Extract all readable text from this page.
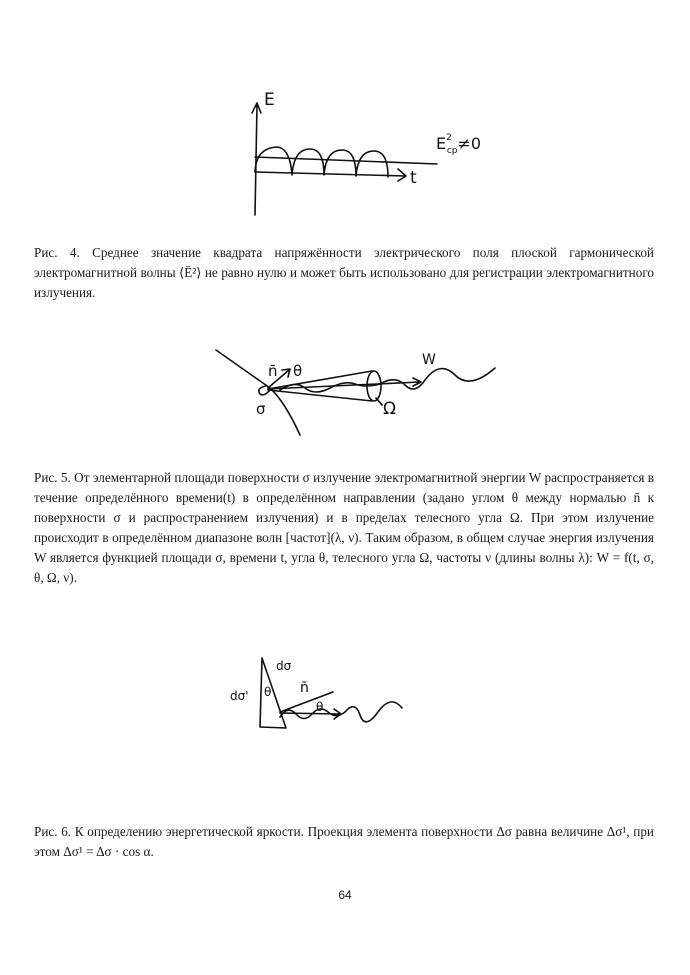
E
t
$E^2$ ср≠0
Рис. 4. Среднее значение квадрата напряжённости электрического поля плоской гармонической электромагнитной волны ⟨Ē²⟩ не равно нулю и может быть использовано для регистрации электромагнитного излучения.
n̄ θ
W
σ	Ω
Рис. 5. От элементарной площади поверхности σ излучение электромагнитной энергии W распространяется в течение определённого времени(t) в определённом направлении (задано углом θ между нормалью n̄ к поверхности σ и распространением излучения) и в пределах телесного угла Ω. При этом излучение происходит в определённом диапазоне волн [частот](λ, ν). Таким образом, в общем случае энергия излучения W является функцией площади σ, времени t, угла θ, телесного угла Ω, частоты ν (длины волны λ): W = f(t, σ, θ, Ω, ν).
dσ'
dσ
θ n̄
θ
Рис. 6. К определению энергетической яркости. Проекция элемента поверхности Δσ равна величине Δσ¹, при этом Δσ¹ = Δσ · cos α.
64
